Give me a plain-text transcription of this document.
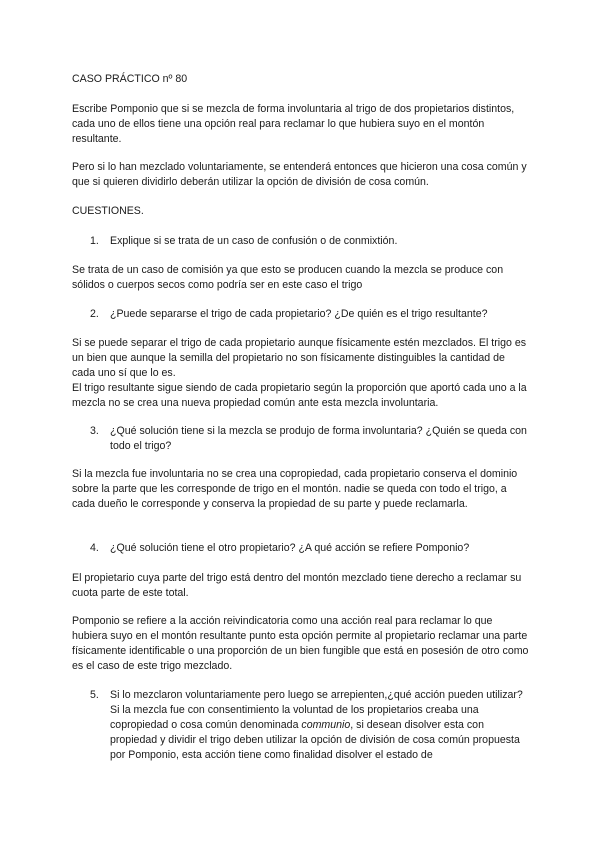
CASO PRÁCTICO nº 80

Escribe Pomponio que si se mezcla de forma involuntaria al trigo de dos propietarios distintos, cada uno de ellos tiene una opción real para reclamar lo que hubiera suyo en el montón resultante.

Pero si lo han mezclado voluntariamente, se entenderá entonces que hicieron una cosa común y que si quieren dividirlo deberán utilizar la opción de división de cosa común.

CUESTIONES.

1.	Explique si se trata de un caso de confusión o de conmixtión.

Se trata de un caso de comisión ya que esto se producen cuando la mezcla se produce con sólidos o cuerpos secos como podría ser en este caso el trigo

2.	¿Puede separarse el trigo de cada propietario? ¿De quién es el trigo resultante?

Si se puede separar el trigo de cada propietario aunque físicamente estén mezclados. El trigo es un bien que aunque la semilla del propietario no son físicamente distinguibles la cantidad de cada uno sí que lo es.

El trigo resultante sigue siendo de cada propietario según la proporción que aportó cada uno a la mezcla no se crea una nueva propiedad común ante esta mezcla involuntaria.

3.	¿Qué solución tiene si la mezcla se produjo de forma involuntaria? ¿Quién se queda con todo el trigo?

Si la mezcla fue involuntaria no se crea una copropiedad, cada propietario conserva el dominio sobre la parte que les corresponde de trigo en el montón. nadie se queda con todo el trigo, a cada dueño le corresponde y conserva la propiedad de su parte y puede reclamarla.

4.	¿Qué solución tiene el otro propietario? ¿A qué acción se refiere Pomponio?

El propietario cuya parte del trigo está dentro del montón mezclado tiene derecho a reclamar su cuota parte de este total.

Pomponio se refiere a la acción reivindicatoria como una acción real para reclamar lo que hubiera suyo en el montón resultante punto esta opción permite al propietario reclamar una parte físicamente identificable o una proporción de un bien fungible que está en posesión de otro como es el caso de este trigo mezclado.

5.	Si lo mezclaron voluntariamente pero luego se arrepienten,¿qué acción pueden utilizar?Si la mezcla fue con consentimiento la voluntad de los propietarios creaba una copropiedad o cosa común denominada communio, si desean disolver esta con propiedad y dividir el trigo deben utilizar la opción de división de cosa común propuesta por Pomponio, esta acción tiene como finalidad disolver el estado de
